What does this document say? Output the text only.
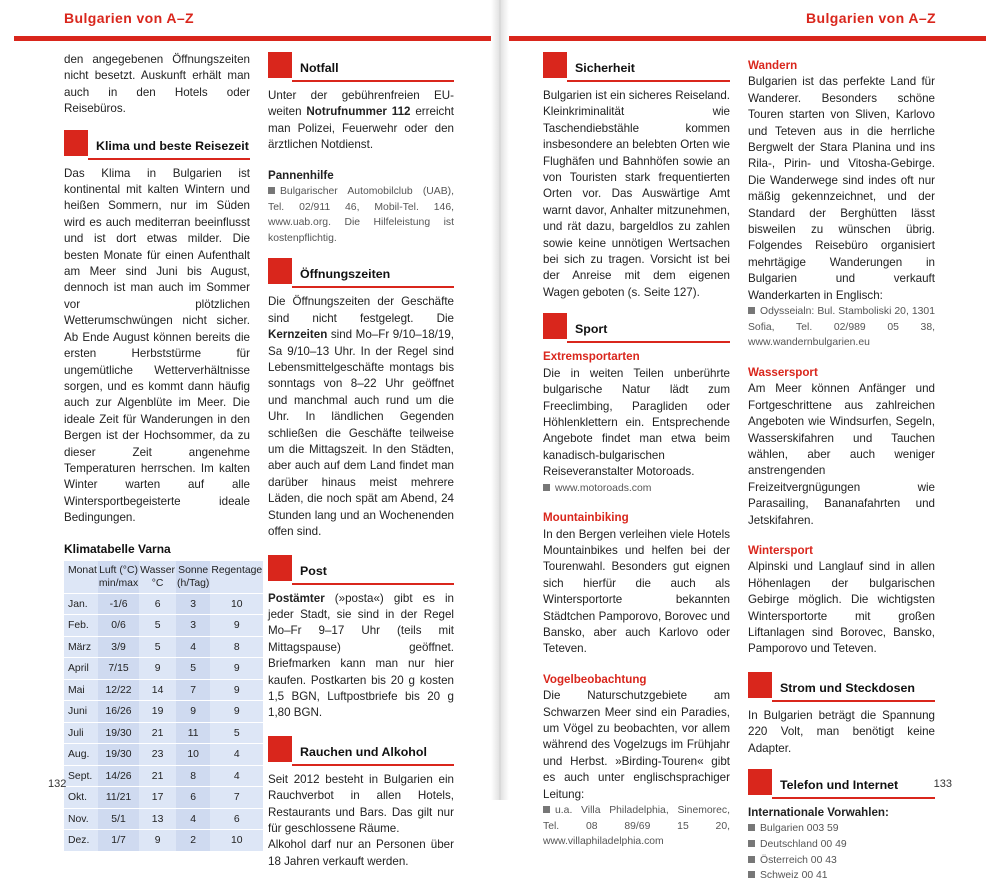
Bulgarien von A–Z	Bulgarien von A–Z

den angegebenen Öffnungszeiten nicht besetzt. Auskunft erhält man auch in den Hotels oder Reisebüros.

Klima und beste Reisezeit

Das Klima in Bulgarien ist kontinental mit kalten Wintern und heißen Sommern, nur im Süden wird es auch mediterran beeinflusst und ist dort etwas milder. Die besten Monate für einen Aufenthalt am Meer sind Juni bis August, dennoch ist man auch im Sommer vor plötzlichen Wetterumschwüngen nicht sicher. Ab Ende August können bereits die ersten Herbststürme für ungemütliche Wetterverhältnisse sorgen, und es kommt dann häufig auch zur Algenblüte im Meer. Die ideale Zeit für Wanderungen in den Bergen ist der Hochsommer, da zu dieser Zeit angenehme Temperaturen herrschen. Im kalten Winter warten auf alle Wintersportbegeisterte ideale Bedingungen.

Klimatabelle Varna
Monat	Luft (°C) min/max	Wasser °C	Sonne (h/Tag)	Regentage
Jan.	-1/6	6	3	10
Feb.	0/6	5	3	9
März	3/9	5	4	8
April	7/15	9	5	9
Mai	12/22	14	7	9
Juni	16/26	19	9	9
Juli	19/30	21	11	5
Aug.	19/30	23	10	4
Sept.	14/26	21	8	4
Okt.	11/21	17	6	7
Nov.	5/1	13	4	6
Dez.	1/7	9	2	10
Notfall

Unter der gebührenfreien EU-weiten Notrufnummer 112 erreicht man Polizei, Feuerwehr oder den ärztlichen Notdienst.

Pannenhilfe

Bulgarischer Automobilclub (UAB), Tel. 02/911 46, Mobil-Tel. 146, www.uab.org. Die Hilfeleistung ist kostenpflichtig.

Öffnungszeiten

Die Öffnungszeiten der Geschäfte sind nicht festgelegt. Die Kernzeiten sind Mo–Fr 9/10–18/19, Sa 9/10–13 Uhr. In der Regel sind Lebensmittelgeschäfte montags bis sonntags von 8–22 Uhr geöffnet und manchmal auch rund um die Uhr. In ländlichen Gegenden schließen die Geschäfte teilweise um die Mittagszeit. In den Städten, aber auch auf dem Land findet man darüber hinaus meist mehrere Läden, die noch spät am Abend, 24 Stunden lang und an Wochenenden offen sind.

Post

Postämter (»posta«) gibt es in jeder Stadt, sie sind in der Regel Mo–Fr 9–17 Uhr (teils mit Mittagspause) geöffnet. Briefmarken kann man nur hier kaufen. Postkarten bis 20 g kosten 1,5 BGN, Luftpostbriefe bis 20 g 1,80 BGN.

Rauchen und Alkohol

Seit 2012 besteht in Bulgarien ein Rauchverbot in allen Hotels, Restaurants und Bars. Das gilt nur für geschlossene Räume.

Alkohol darf nur an Personen über 18 Jahren verkauft werden.

Sicherheit

Bulgarien ist ein sicheres Reiseland. Kleinkriminalität wie Taschendiebstähle kommen insbesondere an belebten Orten wie Flughäfen und Bahnhöfen sowie an von Touristen stark frequentierten Orten vor. Das Auswärtige Amt warnt davor, Anhalter mitzunehmen, und rät dazu, bargeldlos zu zahlen sowie keine unnötigen Wertsachen bei sich zu tragen. Vorsicht ist bei der Anreise mit dem eigenen Wagen geboten (s. Seite 127).

Sport
Extremsportarten

Die in weiten Teilen unberührte bulgarische Natur lädt zum Freeclimbing, Paragliden oder Höhlenklettern ein. Entsprechende Angebote findet man etwa beim kanadisch-bulgarischen Reiseveranstalter Motoroads.

www.motoroads.com

Mountainbiking

In den Bergen verleihen viele Hotels Mountainbikes und helfen bei der Tourenwahl. Besonders gut eignen sich hierfür die auch als Wintersportorte bekannten Städtchen Pamporovo, Borovec und Bansko, aber auch Karlovo oder Teteven.

Vogelbeobachtung

Die Naturschutzgebiete am Schwarzen Meer sind ein Paradies, um Vögel zu beobachten, vor allem während des Vogelzugs im Frühjahr und Herbst. »Birding-Touren« gibt es auch unter englischsprachiger Leitung:

u.a. Villa Philadelphia, Sinemorec, Tel. 08 89/69 15 20, www.villaphiladelphia.com

Wandern

Bulgarien ist das perfekte Land für Wanderer. Besonders schöne Touren starten von Sliven, Karlovo und Teteven aus in die herrliche Bergwelt der Stara Planina und ins Rila-, Pirin- und Vitosha-Gebirge. Die Wanderwege sind indes oft nur mäßig gekennzeichnet, und der Standard der Berghütten lässt bisweilen zu wünschen übrig. Folgendes Reisebüro organisiert mehrtägige Wanderungen in Bulgarien und verkauft Wanderkarten in Englisch:

Odysseialn: Bul. Stamboliski 20, 1301 Sofia, Tel. 02/989 05 38, www.wandernbulgarien.eu

Wassersport

Am Meer können Anfänger und Fortgeschrittene aus zahlreichen Angeboten wie Windsurfen, Segeln, Wasserskifahren und Tauchen wählen, aber auch weniger anstrengenden Freizeitvergnügungen wie Parasailing, Bananafahrten und Jetskifahren.

Wintersport

Alpinski und Langlauf sind in allen Höhenlagen der bulgarischen Gebirge möglich. Die wichtigsten Wintersportorte mit großen Liftanlagen sind Borovec, Bansko, Pamporovo und Teteven.

Strom und Steckdosen

In Bulgarien beträgt die Spannung 220 Volt, man benötigt keine Adapter.

Telefon und Internet
Internationale Vorwahlen:
Bulgarien 003 59
Deutschland 00 49
Österreich 00 43
Schweiz 00 41
132	133
